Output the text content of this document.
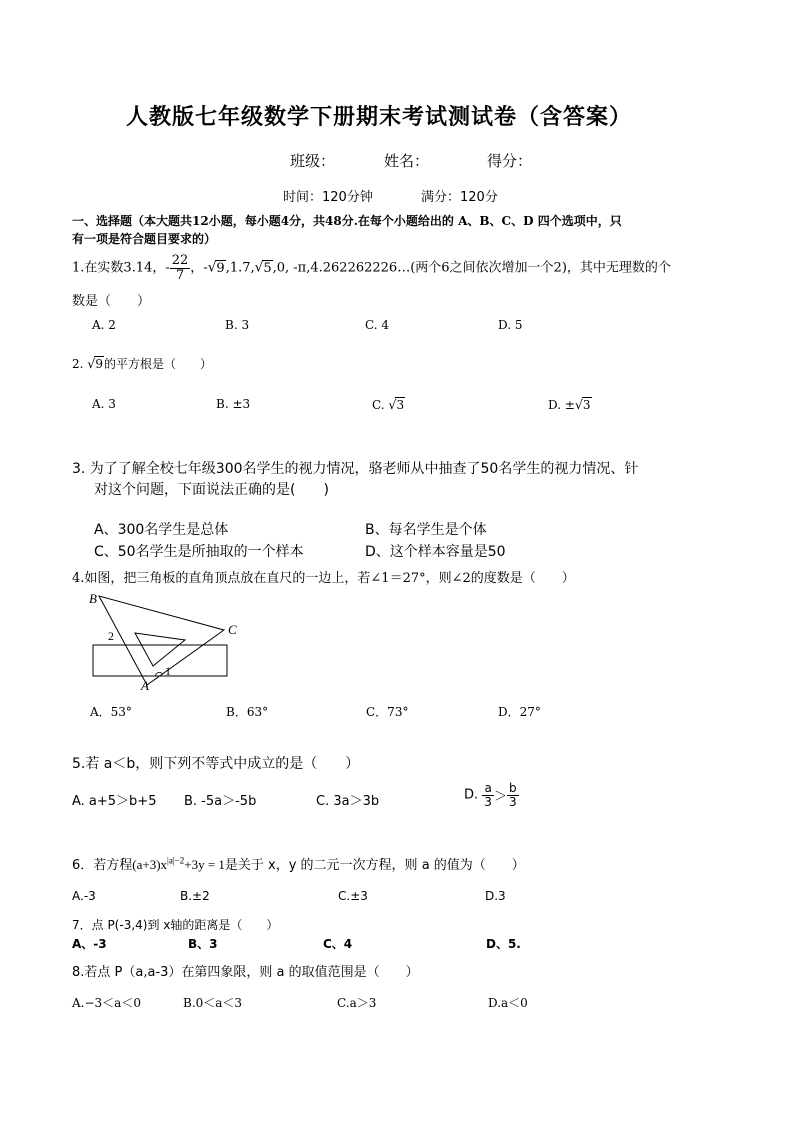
人教版七年级数学下册期末考试测试卷（含答案）
班级：	姓名：	得分：
时间：120分钟	满分：120分
一、选择题（本大题共12小题，每小题4分，共48分.在每个小题给出的 A、B、C、D 四个选项中，只
有一项是符合题目要求的）
1.在实数3.14，- $\frac{22}{7}$ ，-√9,1.7,√5,0, -π,4.262262226…(两个6之间依次增加一个2)，其中无理数的个
数是（　　）
A. 2	B. 3	C. 4	D. 5
2. √9的平方根是（　　）
A. 3	B. ±3	C. √3	D. ±√3
3. 为了了解全校七年级300名学生的视力情况，骆老师从中抽查了50名学生的视力情况、针
对这个问题，下面说法正确的是(　　)
A、300名学生是总体	B、每名学生是个体
C、50名学生是所抽取的一个样本	D、这个样本容量是50
4.如图，把三角板的直角顶点放在直尺的一边上，若∠1＝27°，则∠2的度数是（　　）
B
C
A
1
2
A．53°	B．63°	C．73°	D．27°
5.若 a＜b，则下列不等式中成立的是（　　）
A. a+5＞b+5 B. -5a＞-5b	C. 3a＞3b	D. $\frac{a}{3} > \frac{b}{3}$
6．若方程$(a+3)x^{|a|-2}+3y = 1$是关于 x，y 的二元一次方程，则 a 的值为（　　）
A.-3	B.±2	C.±3	D.3
7．点 P(-3,4)到 x轴的距离是（　　）
A、-3	B、3	C、4	D、5.
8.若点 P（a,a-3）在第四象限，则 a 的取值范围是（　　）
A.−3＜a＜0	B.0＜a＜3	C.a＞3	D.a＜0
